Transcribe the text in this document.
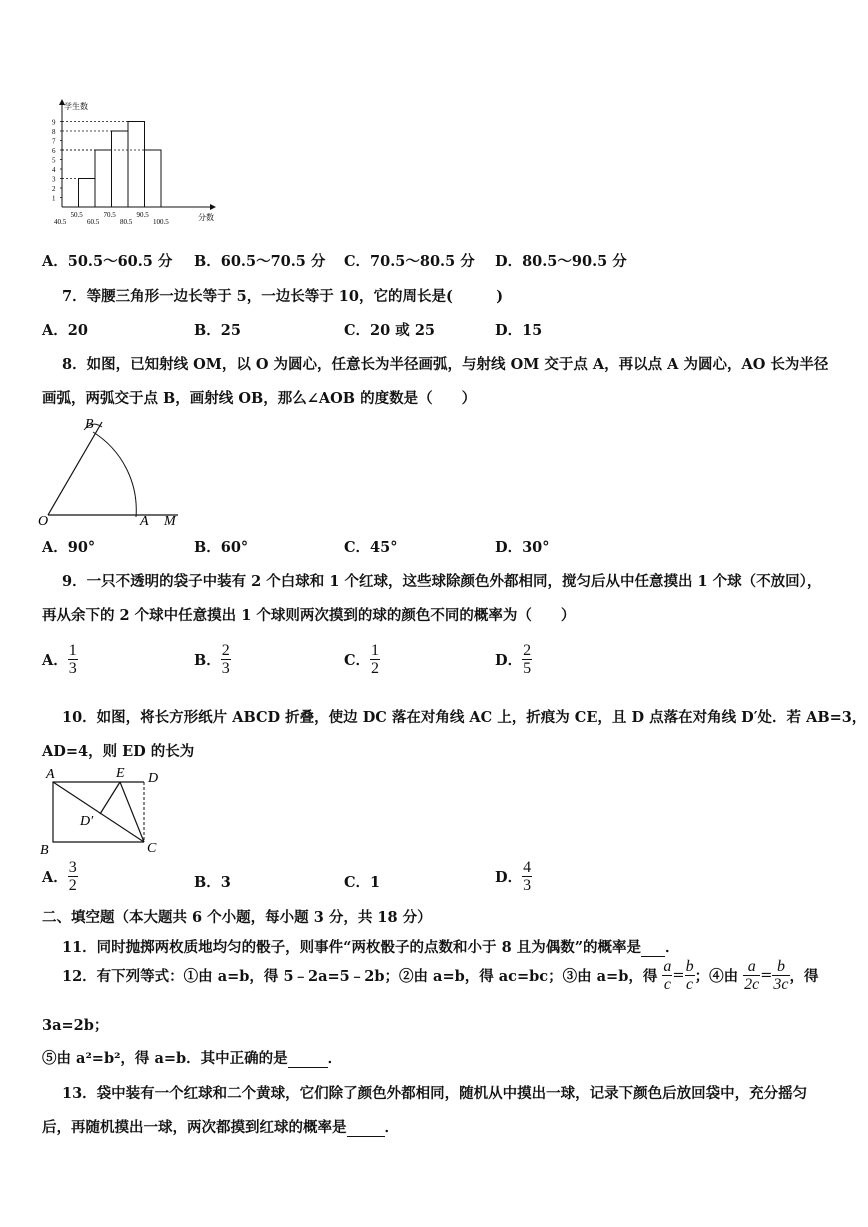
1
2
3
4
5
6
7
8
9
40.5	60.5	80.5	100.5
50.5	70.5	90.5
学生数
分数
A．50.5～60.5 分 B．60.5～70.5 分 C．70.5～80.5 分 D．80.5～90.5 分
7．等腰三角形一边长等于 5，一边长等于 10，它的周长是(　　　)
A．20	B．25	C．20 或 25	D．15
8．如图，已知射线 OM，以 O 为圆心，任意长为半径画弧，与射线 OM 交于点 A，再以点 A 为圆心，AO 长为半径
画弧，两弧交于点 B，画射线 OB，那么∠AOB 的度数是（　　）
B
O	A M
A．90°	B．60°	C．45°	D．30°
9．一只不透明的袋子中装有 2 个白球和 1 个红球，这些球除颜色外都相同，搅匀后从中任意摸出 1 个球（不放回），
再从余下的 2 个球中任意摸出 1 个球则两次摸到的球的颜色不同的概率为（　　）
A． $\frac{1}{3}$	B． $\frac{2}{3}$	C． $\frac{1}{2}$	D． $\frac{2}{5}$
10．如图，将长方形纸片 ABCD 折叠，使边 DC 落在对角线 AC 上，折痕为 CE，且 D 点落在对角线 D′处．若 AB=3，
AD=4，则 ED 的长为
A	E D
D′
B	C
A． $\frac{3}{2}$	B．3	C．1	D． $\frac{4}{3}$
二、填空题（本大题共 6 个小题，每小题 3 分，共 18 分）
11．同时抛掷两枚质地均匀的骰子，则事件“两枚骰子的点数和小于 8 且为偶数”的概率是 ．
12．有下列等式：①由 a=b，得 5﹣2a=5﹣2b；②由 a=b，得 ac=bc；③由 a=b，得 $\frac{a}{c} = \frac{b}{c}$ ；④由 $\frac{a}{2c} = \frac{b}{3c}$ ，得
3a=2b；
⑤由 a²=b²，得 a=b．其中正确的是	．
13．袋中装有一个红球和二个黄球，它们除了颜色外都相同，随机从中摸出一球，记录下颜色后放回袋中，充分摇匀
后，再随机摸出一球，两次都摸到红球的概率是	．
